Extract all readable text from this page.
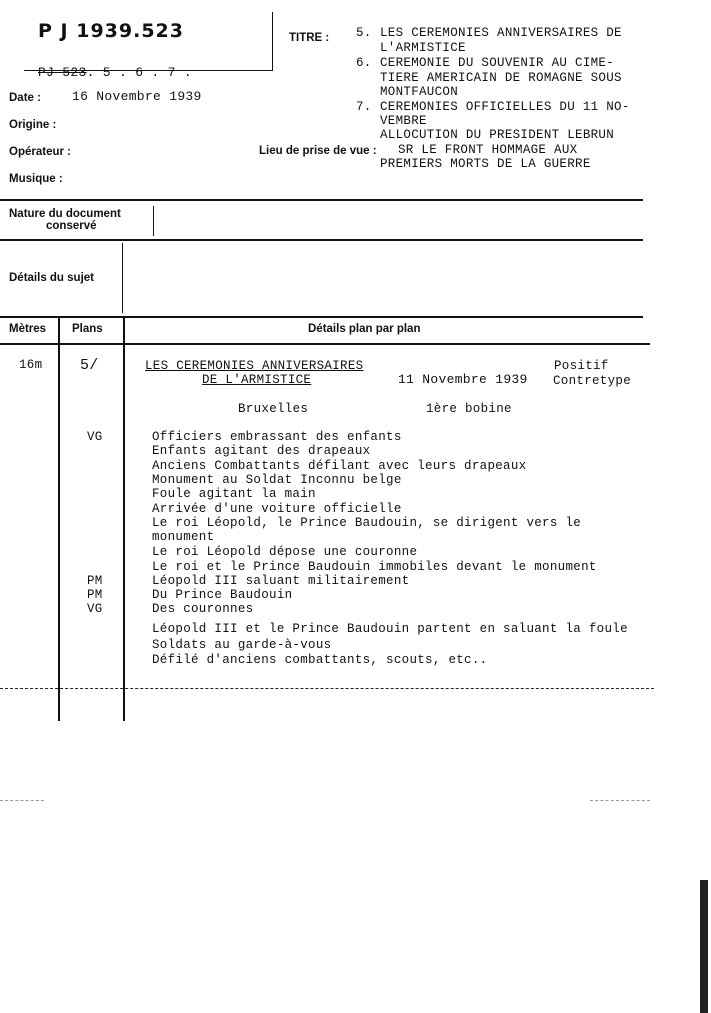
P J 1939.523

PJ 523. 5 . 6 . 7 .
TITRE : 5. LES CEREMONIES ANNIVERSAIRES DE
L'ARMISTICE
6. CEREMONIE DU SOUVENIR AU CIME-
TIERE AMERICAIN DE ROMAGNE SOUS
MONTFAUCON
7. CEREMONIES OFFICIELLES DU 11 NO-
VEMBRE
ALLOCUTION DU PRESIDENT LEBRUN
Date : 16 Novembre 1939
Origine :
Opérateur :
Musique :
Lieu de prise de vue : SR LE FRONT HOMMAGE AUX
PREMIERS MORTS DE LA GUERRE
Nature du document
conservé
Détails du sujet
Mètres Plans	Détails plan par plan
16m	5/	LES CEREMONIES ANNIVERSAIRES
DE L'ARMISTICE	11 Novembre 1939
Positif
Contretype
Bruxelles	1ère bobine
VG	Officiers embrassant des enfants
Enfants agitant des drapeaux
Anciens Combattants défilant avec leurs drapeaux
Monument au Soldat Inconnu belge
Foule agitant la main
Arrivée d'une voiture officielle
Le roi Léopold, le Prince Baudouin, se dirigent vers le
monument
Le roi Léopold dépose une couronne
Le roi et le Prince Baudouin immobiles devant le monument
PM	Léopold III saluant militairement
PM	Du Prince Baudouin
VG	Des couronnes
Léopold III et le Prince Baudouin partent en saluant la foule
Soldats au garde-à-vous
Défilé d'anciens combattants, scouts, etc..
